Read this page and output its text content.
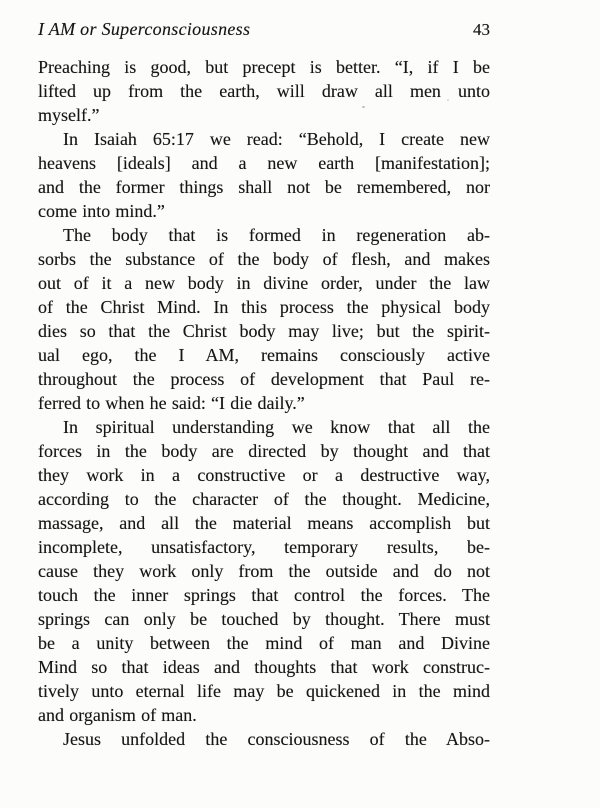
I AM or Superconsciousness	43
Preaching is good, but precept is better. “I, if I be
lifted up from the earth, will draw all men unto
myself.”
In Isaiah 65:17 we read: “Behold, I create new
heavens [ideals] and a new earth [manifestation];
and the former things shall not be remembered, nor
come into mind.”
The body that is formed in regeneration ab-
sorbs the substance of the body of flesh, and makes
out of it a new body in divine order, under the law
of the Christ Mind. In this process the physical body
dies so that the Christ body may live; but the spirit-
ual ego, the I AM, remains consciously active
throughout the process of development that Paul re-
ferred to when he said: “I die daily.”
In spiritual understanding we know that all the
forces in the body are directed by thought and that
they work in a constructive or a destructive way,
according to the character of the thought. Medicine,
massage, and all the material means accomplish but
incomplete, unsatisfactory, temporary results, be-
cause they work only from the outside and do not
touch the inner springs that control the forces. The
springs can only be touched by thought. There must
be a unity between the mind of man and Divine
Mind so that ideas and thoughts that work construc-
tively unto eternal life may be quickened in the mind
and organism of man.
Jesus unfolded the consciousness of the Abso-
